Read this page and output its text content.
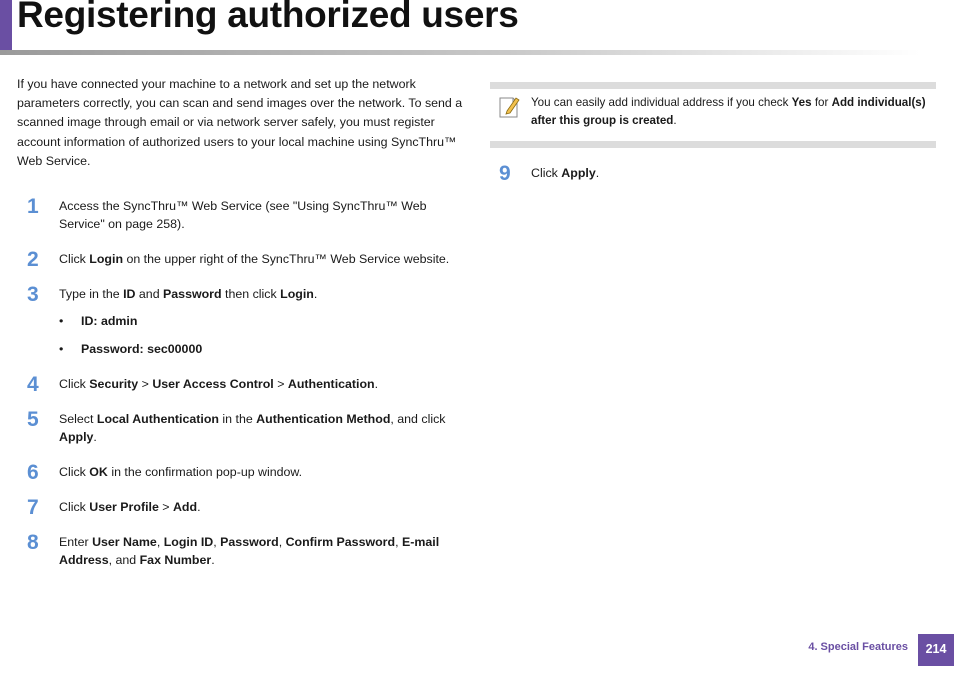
Registering authorized users

If you have connected your machine to a network and set up the network parameters correctly, you can scan and send images over the network. To send a scanned image through email or via network server safely, you must register account information of authorized users to your local machine using SyncThru™ Web Service.

1	Access the SyncThru™ Web Service (see "Using SyncThru™ Web Service" on page 258).
2	Click Login on the upper right of the SyncThru™ Web Service website.
3	Type in the ID and Password then click Login.
• ID: admin
• Password: sec00000
4	Click Security > User Access Control > Authentication.
5	Select Local Authentication in the Authentication Method, and click Apply.
6	Click OK in the confirmation pop-up window.
7	Click User Profile > Add.
8	Enter User Name, Login ID, Password, Confirm Password, E-mail Address, and Fax Number.
You can easily add individual address if you check Yes for Add individual(s) after this group is created.
9	Click Apply.
4. Special Features	214
